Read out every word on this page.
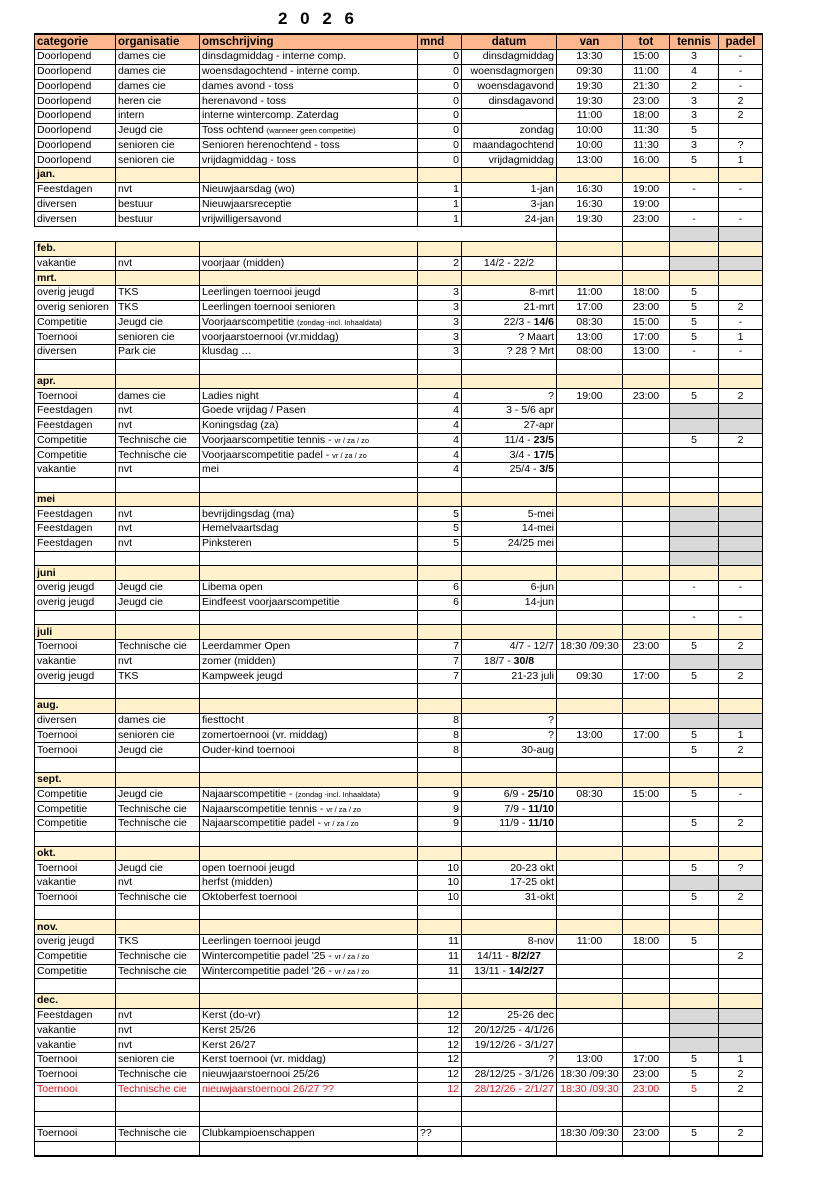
2 0 2 6
categorie	organisatie	omschrijving	mnd	datum	van	tot	tennis	padel
Doorlopend	dames cie	dinsdagmiddag - interne comp.	0	dinsdagmiddag	13:30	15:00	3	-
Doorlopend	dames cie	woensdagochtend - interne comp.	0	woensdagmorgen	09:30	11:00	4	-
Doorlopend	dames cie	dames avond - toss	0	woensdagavond	19:30	21:30	2	-
Doorlopend	heren cie	herenavond - toss	0	dinsdagavond	19:30	23:00	3	2
Doorlopend	intern	interne wintercomp. Zaterdag	0		11:00	18:00	3	2
Doorlopend	Jeugd cie	Toss ochtend (wanneer geen competitie)	0	zondag	10:00	11:30	5	
Doorlopend	senioren cie	Senioren herenochtend - toss	0	maandagochtend	10:00	11:30	3	?
Doorlopend	senioren cie	vrijdagmiddag - toss	0	vrijdagmiddag	13:00	16:00	5	1
jan.								
Feestdagen	nvt	Nieuwjaarsdag (wo)	1	1-jan	16:30	19:00	-	-
diversen	bestuur	Nieuwjaarsreceptie	1	3-jan	16:30	19:00		
diversen	bestuur	vrijwilligersavond	1	24-jan	19:30	23:00	-	-

feb.								
vakantie	nvt	voorjaar (midden)	2	14/2 - 22/2				
mrt.								
overig jeugd	TKS	Leerlingen toernooi jeugd	3	8-mrt	11:00	18:00	5	
overig senioren	TKS	Leerlingen toernooi senioren	3	21-mrt	17:00	23:00	5	2
Competitie	Jeugd cie	Voorjaarscompetitie (zondag -incl. Inhaaldata)	3	22/3 - 14/6	08:30	15:00	5	-
Toernooi	senioren cie	voorjaarstoernooi (vr.middag)	3	? Maart	13:00	17:00	5	1
diversen	Park cie	klusdag …	3	? 28 ? Mrt	08:00	13:00	-	-

apr.								
Toernooi	dames cie	Ladies night	4	?	19:00	23:00	5	2
Feestdagen	nvt	Goede vrijdag / Pasen	4	3 - 5/6 apr				
Feestdagen	nvt	Koningsdag (za)	4	27-apr				
Competitie	Technische cie	Voorjaarscompetitie tennis - vr / za / zo	4	11/4 - 23/5			5	2
Competitie	Technische cie	Voorjaarscompetitie padel - vr / za / zo	4	3/4 - 17/5				
vakantie	nvt	mei	4	25/4 - 3/5				

mei								
Feestdagen	nvt	bevrijdingsdag (ma)	5	5-mei				
Feestdagen	nvt	Hemelvaartsdag	5	14-mei				
Feestdagen	nvt	Pinksteren	5	24/25 mei				

juni								
overig jeugd	Jeugd cie	Libema open	6	6-jun			-	-
overig jeugd	Jeugd cie	Eindfeest voorjaarscompetitie	6	14-jun				
							-	-
juli								
Toernooi	Technische cie	Leerdammer Open	7	4/7 - 12/7	18:30 /09:30	23:00	5	2
vakantie	nvt	zomer (midden)	7	18/7 - 30/8				
overig jeugd	TKS	Kampweek jeugd	7	21-23 juli	09:30	17:00	5	2

aug.								
diversen	dames cie	fiesttocht	8	?				
Toernooi	senioren cie	zomertoernooi (vr. middag)	8	?	13:00	17:00	5	1
Toernooi	Jeugd cie	Ouder-kind toernooi	8	30-aug			5	2

sept.								
Competitie	Jeugd cie	Najaarscompetitie - (zondag -incl. Inhaaldata)	9	6/9 - 25/10	08:30	15:00	5	-
Competitie	Technische cie	Najaarscompetitie tennis - vr / za / zo	9	7/9 - 11/10				
Competitie	Technische cie	Najaarscompetitie padel - vr / za / zo	9	11/9 - 11/10			5	2

okt.								
Toernooi	Jeugd cie	open toernooi jeugd	10	20-23 okt			5	?
vakantie	nvt	herfst (midden)	10	17-25 okt				
Toernooi	Technische cie	Oktoberfest toernooi	10	31-okt			5	2

nov.								
overig jeugd	TKS	Leerlingen toernooi jeugd	11	8-nov	11:00	18:00	5	
Competitie	Technische cie	Wintercompetitie padel '25 - vr / za / zo	11	14/11 - 8/2/27				2
Competitie	Technische cie	Wintercompetitie padel '26 - vr / za / zo	11	13/11 - 14/2/27				

dec.								
Feestdagen	nvt	Kerst (do-vr)	12	25-26 dec				
vakantie	nvt	Kerst 25/26	12	20/12/25 - 4/1/26				
vakantie	nvt	Kerst 26/27	12	19/12/26 - 3/1/27				
Toernooi	senioren cie	Kerst toernooi (vr. middag)	12	?	13:00	17:00	5	1
Toernooi	Technische cie	nieuwjaarstoernooi 25/26	12	28/12/25 - 3/1/26	18:30 /09:30	23:00	5	2
Toernooi	Technische cie	nieuwjaarstoernooi 26/27 ??	12	28/12/26 - 2/1/27	18:30 /09:30	23:00	5	2

Toernooi	Technische cie	Clubkampioenschappen	??		18:30 /09:30	23:00	5	2
